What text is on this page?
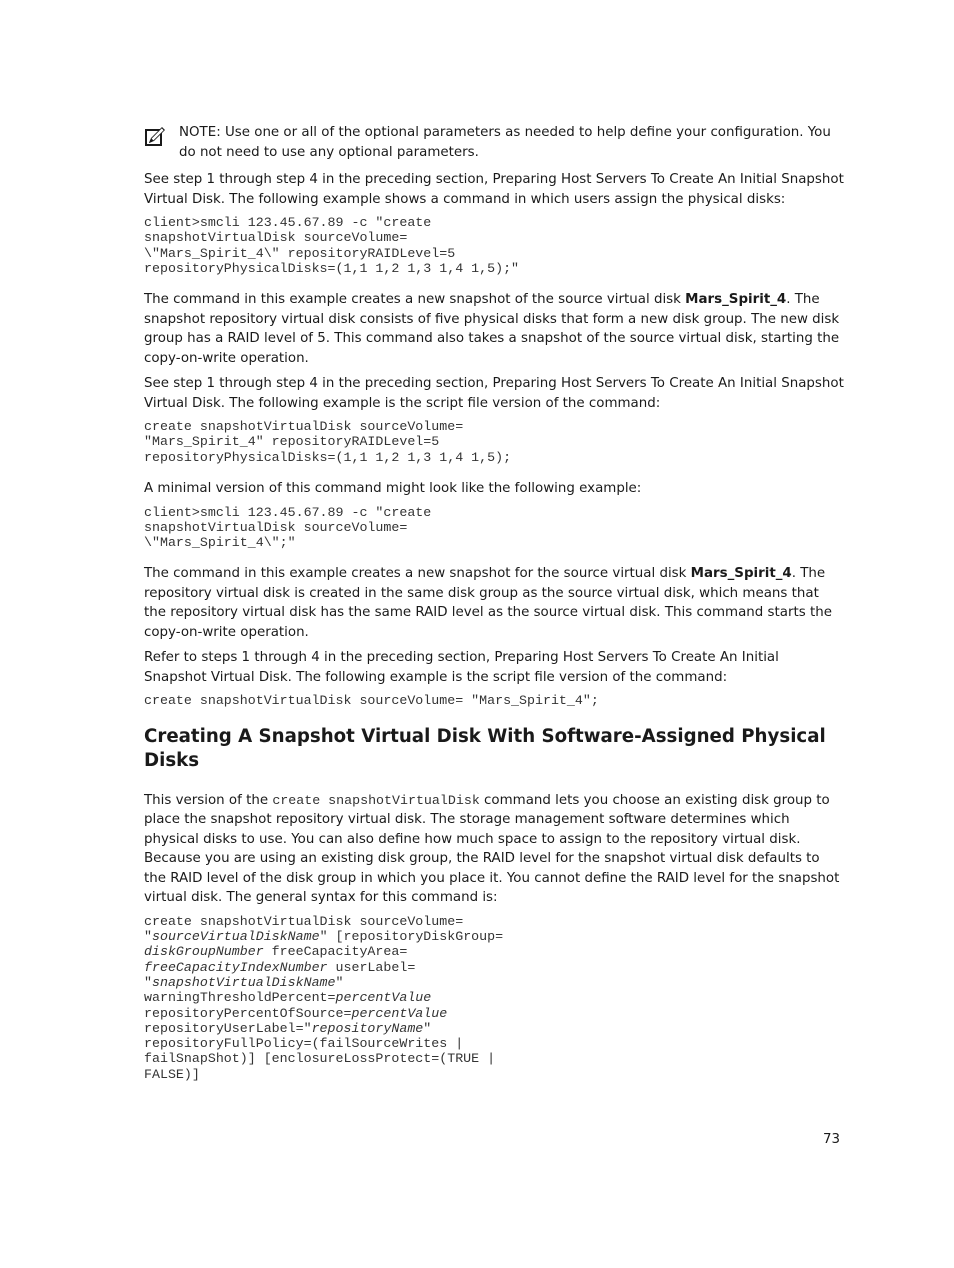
NOTE: Use one or all of the optional parameters as needed to help define your configuration. You do not need to use any optional parameters.

See step 1 through step 4 in the preceding section, Preparing Host Servers To Create An Initial Snapshot Virtual Disk. The following example shows a command in which users assign the physical disks:

client>smcli 123.45.67.89 -c "create
snapshotVirtualDisk sourceVolume=
\"Mars_Spirit_4\" repositoryRAIDLevel=5
repositoryPhysicalDisks=(1,1 1,2 1,3 1,4 1,5);"

The command in this example creates a new snapshot of the source virtual disk Mars_Spirit_4. The snapshot repository virtual disk consists of five physical disks that form a new disk group. The new disk group has a RAID level of 5. This command also takes a snapshot of the source virtual disk, starting the copy-on-write operation.

See step 1 through step 4 in the preceding section, Preparing Host Servers To Create An Initial Snapshot Virtual Disk. The following example is the script file version of the command:

create snapshotVirtualDisk sourceVolume=
"Mars_Spirit_4" repositoryRAIDLevel=5
repositoryPhysicalDisks=(1,1 1,2 1,3 1,4 1,5);

A minimal version of this command might look like the following example:

client>smcli 123.45.67.89 -c "create
snapshotVirtualDisk sourceVolume=
\"Mars_Spirit_4\";"

The command in this example creates a new snapshot for the source virtual disk Mars_Spirit_4. The repository virtual disk is created in the same disk group as the source virtual disk, which means that the repository virtual disk has the same RAID level as the source virtual disk. This command starts the copy-on-write operation.

Refer to steps 1 through 4 in the preceding section, Preparing Host Servers To Create An Initial Snapshot Virtual Disk. The following example is the script file version of the command:

create snapshotVirtualDisk sourceVolume= "Mars_Spirit_4";
Creating A Snapshot Virtual Disk With Software-Assigned Physical Disks

This version of the create snapshotVirtualDisk command lets you choose an existing disk group to place the snapshot repository virtual disk. The storage management software determines which physical disks to use. You can also define how much space to assign to the repository virtual disk. Because you are using an existing disk group, the RAID level for the snapshot virtual disk defaults to the RAID level of the disk group in which you place it. You cannot define the RAID level for the snapshot virtual disk. The general syntax for this command is:

create snapshotVirtualDisk sourceVolume=
"sourceVirtualDiskName" [repositoryDiskGroup=
diskGroupNumber freeCapacityArea=
freeCapacityIndexNumber userLabel=
"snapshotVirtualDiskName"
warningThresholdPercent=percentValue
repositoryPercentOfSource=percentValue
repositoryUserLabel="repositoryName"
repositoryFullPolicy=(failSourceWrites |
failSnapShot)] [enclosureLossProtect=(TRUE |
FALSE)]
73
